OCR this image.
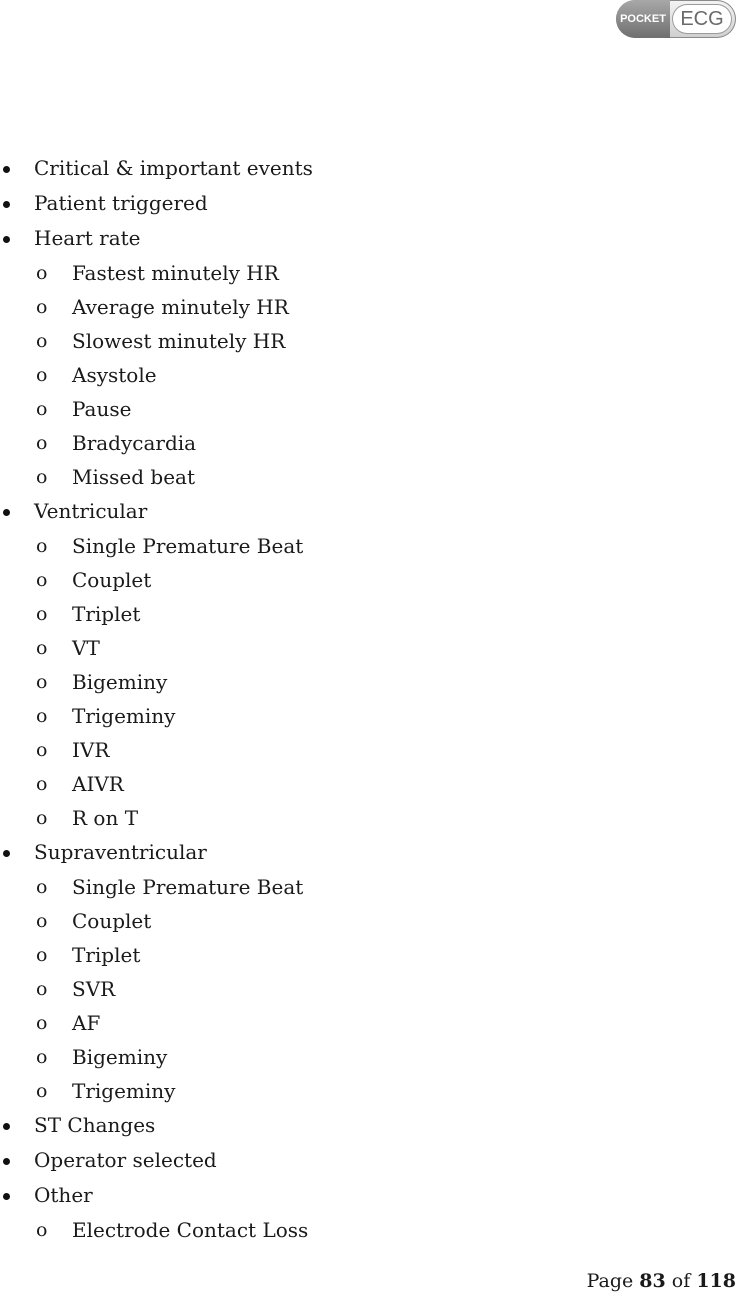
POCKET ECG
Critical & important events
Patient triggered
Heart rate
o Fastest minutely HR
o Average minutely HR
o Slowest minutely HR
o Asystole
o Pause
o Bradycardia
o Missed beat
Ventricular
o Single Premature Beat
o Couplet
o Triplet
o VT
o Bigeminy
o Trigeminy
o IVR
o AIVR
o R on T
Supraventricular
o Single Premature Beat
o Couplet
o Triplet
o SVR
o AF
o Bigeminy
o Trigeminy
ST Changes
Operator selected
Other
o Electrode Contact Loss
Page 83 of 118
